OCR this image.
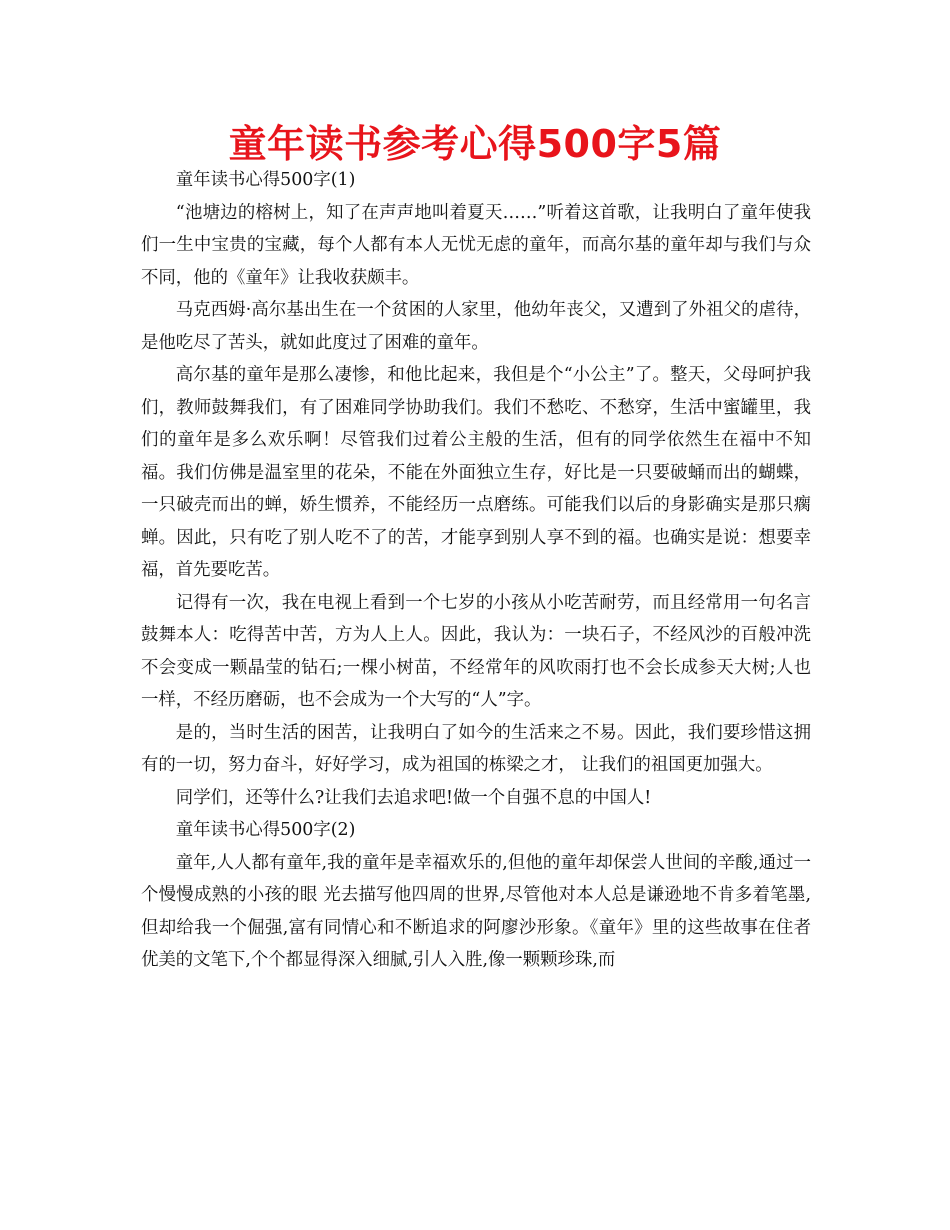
童年读书参考心得500字5篇

童年读书心得500字(1)

“池塘边的榕树上，知了在声声地叫着夏天……”听着这首歌，让我明白了童年使我们一生中宝贵的宝藏，每个人都有本人无忧无虑的童年，而高尔基的童年却与我们与众不同，他的《童年》让我收获颇丰。

马克西姆·高尔基出生在一个贫困的人家里，他幼年丧父，又遭到了外祖父的虐待，是他吃尽了苦头，就如此度过了困难的童年。

高尔基的童年是那么凄惨，和他比起来，我但是个“小公主”了。整天，父母呵护我们，教师鼓舞我们，有了困难同学协助我们。我们不愁吃、不愁穿，生活中蜜罐里，我们的童年是多么欢乐啊！尽管我们过着公主般的生活，但有的同学依然生在福中不知福。我们仿佛是温室里的花朵，不能在外面独立生存，好比是一只要破蛹而出的蝴蝶，一只破壳而出的蝉，娇生惯养，不能经历一点磨练。可能我们以后的身影确实是那只瘸蝉。因此，只有吃了别人吃不了的苦，才能享到别人享不到的福。也确实是说：想要幸福，首先要吃苦。

记得有一次，我在电视上看到一个七岁的小孩从小吃苦耐劳，而且经常用一句名言鼓舞本人：吃得苦中苦，方为人上人。因此，我认为：一块石子，不经风沙的百般冲洗不会变成一颗晶莹的钻石;一棵小树苗，不经常年的风吹雨打也不会长成参天大树;人也一样，不经历磨砺，也不会成为一个大写的“人”字。

是的，当时生活的困苦，让我明白了如今的生活来之不易。因此，我们要珍惜这拥有的一切，努力奋斗，好好学习，成为祖国的栋梁之才， 让我们的祖国更加强大。

同学们，还等什么?让我们去追求吧!做一个自强不息的中国人!

童年读书心得500字(2)

童年,人人都有童年,我的童年是幸福欢乐的,但他的童年却保尝人世间的辛酸,通过一个慢慢成熟的小孩的眼 光去描写他四周的世界,尽管他对本人总是谦逊地不肯多着笔墨,但却给我一个倔强,富有同情心和不断追求的阿廖沙形象。《童年》里的这些故事在住者优美的文笔下,个个都显得深入细腻,引人入胜,像一颗颗珍珠,而
